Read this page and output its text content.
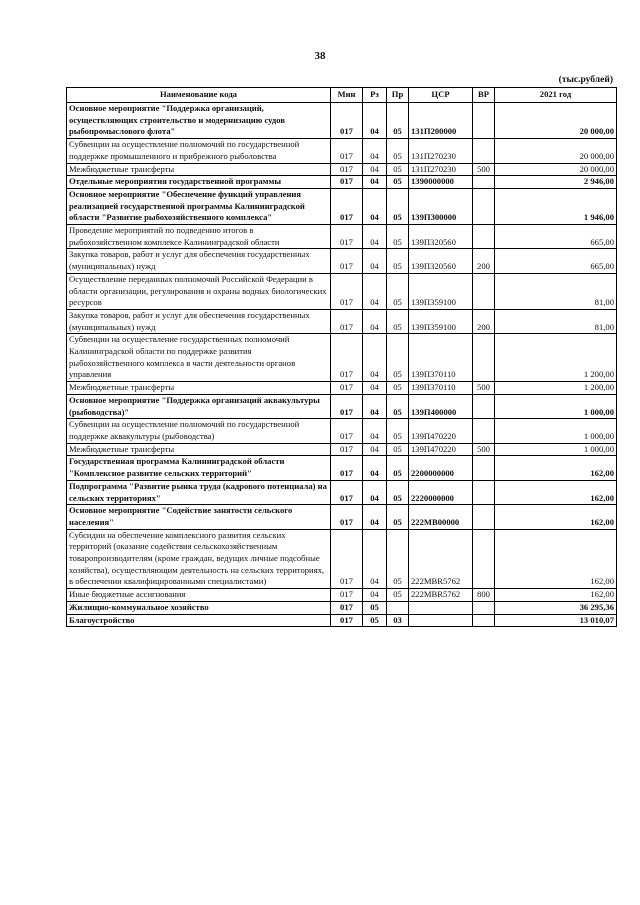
38
(тыс.рублей)
Наименование кода	Мин	Рз	Пр	ЦСР	ВР	2021 год
Основное мероприятие "Поддержка организаций, осуществляющих строительство и модернизацию судов рыбопромыслового флота"	017	04	05	131П200000		20 000,00
Субвенции на осуществление полномочий по государственной поддержке промышленного и прибрежного рыболовства	017	04	05	131П270230		20 000,00
Межбюджетные трансферты	017	04	05	131П270230	500	20 000,00
Отдельные мероприятия государственной программы	017	04	05	1390000000		2 946,00
Основное мероприятие "Обеспечение функций управления реализацией государственной программы Калининградской области "Развитие рыбохозяйственного комплекса"	017	04	05	139П300000		1 946,00
Проведение мероприятий по подведению итогов в рыбохозяйственном комплексе Калининградской области	017	04	05	139П320560		665,00
Закупка товаров, работ и услуг для обеспечения государственных (муниципальных) нужд	017	04	05	139П320560	200	665,00
Осуществление переданных полномочий Российской Федерации в области организации, регулирования и охраны водных биологических ресурсов	017	04	05	139П359100		81,00
Закупка товаров, работ и услуг для обеспечения государственных (муниципальных) нужд	017	04	05	139П359100	200	81,00
Субвенции на осуществление государственных полномочий Калининградской области по поддержке развития рыбохозяйственного комплекса в части деятельности органов управления	017	04	05	139П370110		1 200,00
Межбюджетные трансферты	017	04	05	139П370110	500	1 200,00
Основное мероприятие "Поддержка организаций аквакультуры (рыбоводства)"	017	04	05	139П400000		1 000,00
Субвенции на осуществление полномочий по государственной поддержке аквакультуры (рыбоводства)	017	04	05	139П470220		1 000,00
Межбюджетные трансферты	017	04	05	139П470220	500	1 000,00
Государственная программа Калининградской области "Комплексное развитие сельских территорий"	017	04	05	2200000000		162,00
Подпрограмма "Развитие рынка труда (кадрового потенциала) на сельских территориях"	017	04	05	2220000000		162,00
Основное мероприятие "Содействие занятости сельского населения"	017	04	05	222MB00000		162,00
Субсидии на обеспечение комплексного развития сельских территорий (оказание содействия сельскохозяйственным товаропроизводителям (кроме граждан, ведущих личные подсобные хозяйства), осуществляющим деятельность на сельских территориях, в обеспечении квалифицированными специалистами)	017	04	05	222MBR5762		162,00
Иные бюджетные ассигнования	017	04	05	222MBR5762	800	162,00
Жилищно-коммунальное хозяйство	017	05				36 295,36
Благоустройство	017	05	03			13 010,07
